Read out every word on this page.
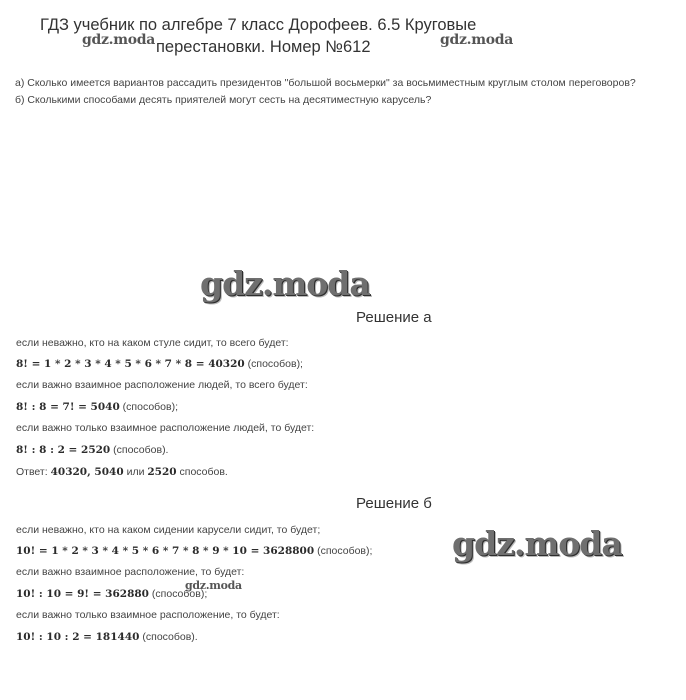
ГДЗ учебник по алгебре 7 класс Дорофеев. 6.5 Круговые
перестановки. Номер №612
gdz.moda	gdz.moda
а) Сколько имеется вариантов рассадить президентов "большой восьмерки" за восьмиместным круглым столом переговоров?
б) Сколькими способами десять приятелей могут сесть на десятиместную карусель?
gdz.moda
Решение а
если неважно, кто на каком стуле сидит, то всего будет:
8! = 1 * 2 * 3 * 4 * 5 * 6 * 7 * 8 = 40320 (способов);
если важно взаимное расположение людей, то всего будет:
8! : 8 = 7! = 5040 (способов);
если важно только взаимное расположение людей, то будет:
8! : 8 : 2 = 2520 (способов).
Ответ: 40320, 5040 или 2520 способов.
Решение б
gdz.moda
если неважно, кто на каком сидении карусели сидит, то будет;
10! = 1 * 2 * 3 * 4 * 5 * 6 * 7 * 8 * 9 * 10 = 3628800 (способов);
если важно взаимное расположение, то будет:
10! : 10 = 9! = 362880 (способов);
gdz.moda
если важно только взаимное расположение, то будет:
10! : 10 : 2 = 181440 (способов).
